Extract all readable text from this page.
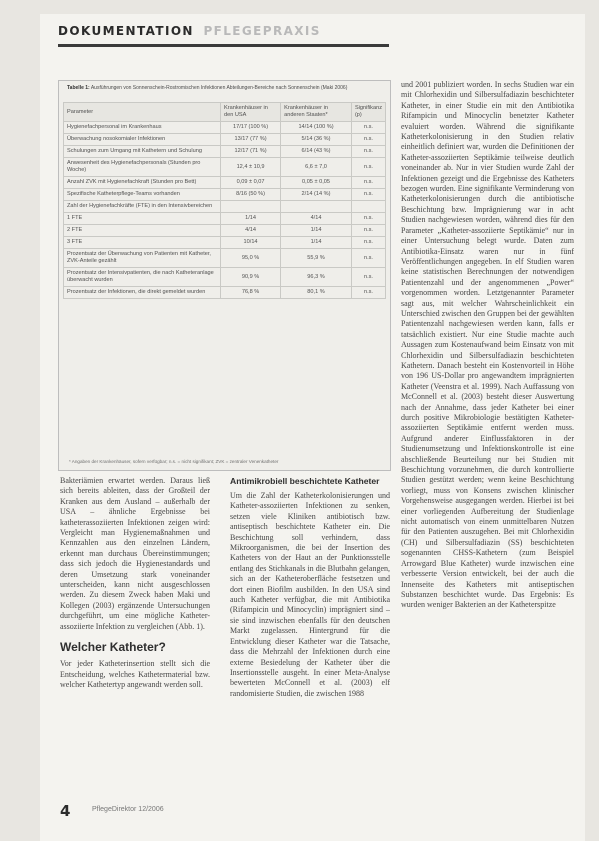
DOKUMENTATION PFLEGEPRAXIS
Tabelle 1: Ausführungen von Sonnenschein-Rostromischen Infektionen Abteilungen-Bereiche nach Sonnenschein (Maki 2006)
Parameter	Krankenhäuser in den USA	Krankenhäuser in anderen Staaten*	Signifikanz (p)
Hygienefachpersonal im Krankenhaus	17/17 (100 %)	14/14 (100 %)	n.s.
Überwachung nosokomialer Infektionen	13/17 (77 %)	5/14 (36 %)	n.s.
Schulungen zum Umgang mit Kathetern und Schulung	12/17 (71 %)	6/14 (43 %)	n.s.
Anwesenheit des Hygienefachpersonals (Stunden pro Woche)	12,4 ± 10,9	6,6 ± 7,0	n.s.
Anzahl ZVK mit Hygienefachkraft (Stunden pro Bett)	0,09 ± 0,07	0,05 ± 0,05	n.s.
Spezifische Katheterpflege-Teams vorhanden	8/16 (50 %)	2/14 (14 %)	n.s.
Zahl der Hygienefachkräfte (FTE) in den Intensivbereichen			
1 FTE	1/14	4/14	n.s.
2 FTE	4/14	1/14	n.s.
3 FTE	10/14	1/14	n.s.
Prozentsatz der Überwachung von Patienten mit Katheter, ZVK-Anteile gezählt	95,0 %	55,9 %	n.s.
Prozentsatz der Intensivpatienten, die nach Katheteranlage überwacht wurden	90,9 %	96,3 %	n.s.
Prozentsatz der Infektionen, die direkt gemeldet wurden	76,8 %	80,1 %	n.s.
* Angaben der Krankenhäuser, sofern verfügbar; n.s. = nicht signifikant; ZVK = zentraler Venenkatheter

und 2001 publiziert worden. In sechs Studien war ein mit Chlorhexidin und Silbersulfadiazin beschichteter Katheter, in einer Studie ein mit den Antibiotika Rifampicin und Minocyclin benetzter Katheter evaluiert worden. Während die signifikante Katheterkolonisierung in den Studien relativ einheitlich definiert war, wurden die Definitionen der Katheter-assoziierten Septikämie teilweise deutlich voneinander ab. Nur in vier Studien wurde Zahl der Infektionen gezeigt und die Ergebnisse des Katheters bezogen wurden. Eine signifikante Verminderung von Katheterkolonisierungen durch die antibiotische Beschichtung bzw. Imprägnierung war in acht Studien nachgewiesen worden, während dies für den Parameter „Katheter-assoziierte Septikämie“ nur in einer Untersuchung belegt wurde. Daten zum Antibiotika-Einsatz waren nur in fünf Veröffentlichungen angegeben. In elf Studien waren keine statistischen Berechnungen der notwendigen Patientenzahl und der angenommenen „Power“ vorgenommen worden. Letztgenannter Parameter sagt aus, mit welcher Wahrscheinlichkeit ein Unterschied zwischen den Gruppen bei der gewählten Patientenzahl nachgewiesen werden kann, falls er tatsächlich existiert. Nur eine Studie machte auch Aussagen zum Kostenaufwand beim Einsatz von mit Chlorhexidin und Silbersulfadiazin beschichteten Kathetern. Danach besteht ein Kostenvorteil in Höhe von 196 US-Dollar pro angewandtem imprägnierten Katheter (Veenstra et al. 1999). Nach Auffassung von McConnell et al. (2003) besteht dieser Auswertung nach der Annahme, dass jeder Katheter bei einer durch positive Mikrobiologie bestätigten Katheter-assoziierten Septikämie entfernt werden muss. Aufgrund anderer Einflussfaktoren in der Studienumsetzung und Infektionskontrolle ist eine abschließende Beurteilung nur bei Studien mit Beschichtung vorzunehmen, die durch kontrollierte Studien gestützt werden; wenn keine Beschichtung vorliegt, muss von Konsens zwischen klinischer Vorgehensweise ausgegangen werden. Hierbei ist bei einer vorliegenden Aufbereitung der Studienlage nicht automatisch von einem unmittelbaren Nutzen für den Patienten auszugehen. Bei mit Chlorhexidin (CH) und Silbersulfadiazin (SS) beschichteten sogenannten CHSS-Kathetern (zum Beispiel Arrowgard Blue Katheter) wurde inzwischen eine verbesserte Version entwickelt, bei der auch die Innenseite des Katheters mit antiseptischen Substanzen beschichtet wurde. Das Ergebnis: Es wurden weniger Bakterien an der Katheterspitze

Bakteriämien erwartet werden. Daraus ließ sich bereits ableiten, dass der Großteil der Kranken aus dem Ausland – außerhalb der USA – ähnliche Ergebnisse bei katheterassoziierten Infektionen zeigen wird: Vergleicht man Hygienemaßnahmen und Kennzahlen aus den einzelnen Ländern, erkennt man durchaus Übereinstimmungen; dass sich jedoch die Hygienestandards und deren Umsetzung stark voneinander unterscheiden, kann nicht ausgeschlossen werden. Zu diesem Zweck haben Maki und Kollegen (2003) ergänzende Untersuchungen durchgeführt, um eine mögliche Katheter-assoziierte Infektion zu vergleichen (Abb. 1).

Welcher Katheter?

Vor jeder Katheterinsertion stellt sich die Entscheidung, welches Kathetermaterial bzw. welcher Kathetertyp angewandt werden soll.

Antimikrobiell beschichtete Katheter

Um die Zahl der Katheterkolonisierungen und Katheter-assoziierten Infektionen zu senken, setzen viele Kliniken antibiotisch bzw. antiseptisch beschichtete Katheter ein. Die Beschichtung soll verhindern, dass Mikroorganismen, die bei der Insertion des Katheters von der Haut an der Punktionsstelle entlang des Stichkanals in die Blutbahn gelangen, sich an der Katheteroberfläche festsetzen und dort einen Biofilm ausbilden. In den USA sind auch Katheter verfügbar, die mit Antibiotika (Rifampicin und Minocyclin) imprägniert sind – sie sind inzwischen ebenfalls für den deutschen Markt zugelassen. Hintergrund für die Entwicklung dieser Katheter war die Tatsache, dass die Mehrzahl der Infektionen durch eine externe Besiedelung der Katheter über die Insertionsstelle ausgeht. In einer Meta-Analyse bewerteten McConnell et al. (2003) elf randomisierte Studien, die zwischen 1988

4	PflegeDirektor 12/2006
